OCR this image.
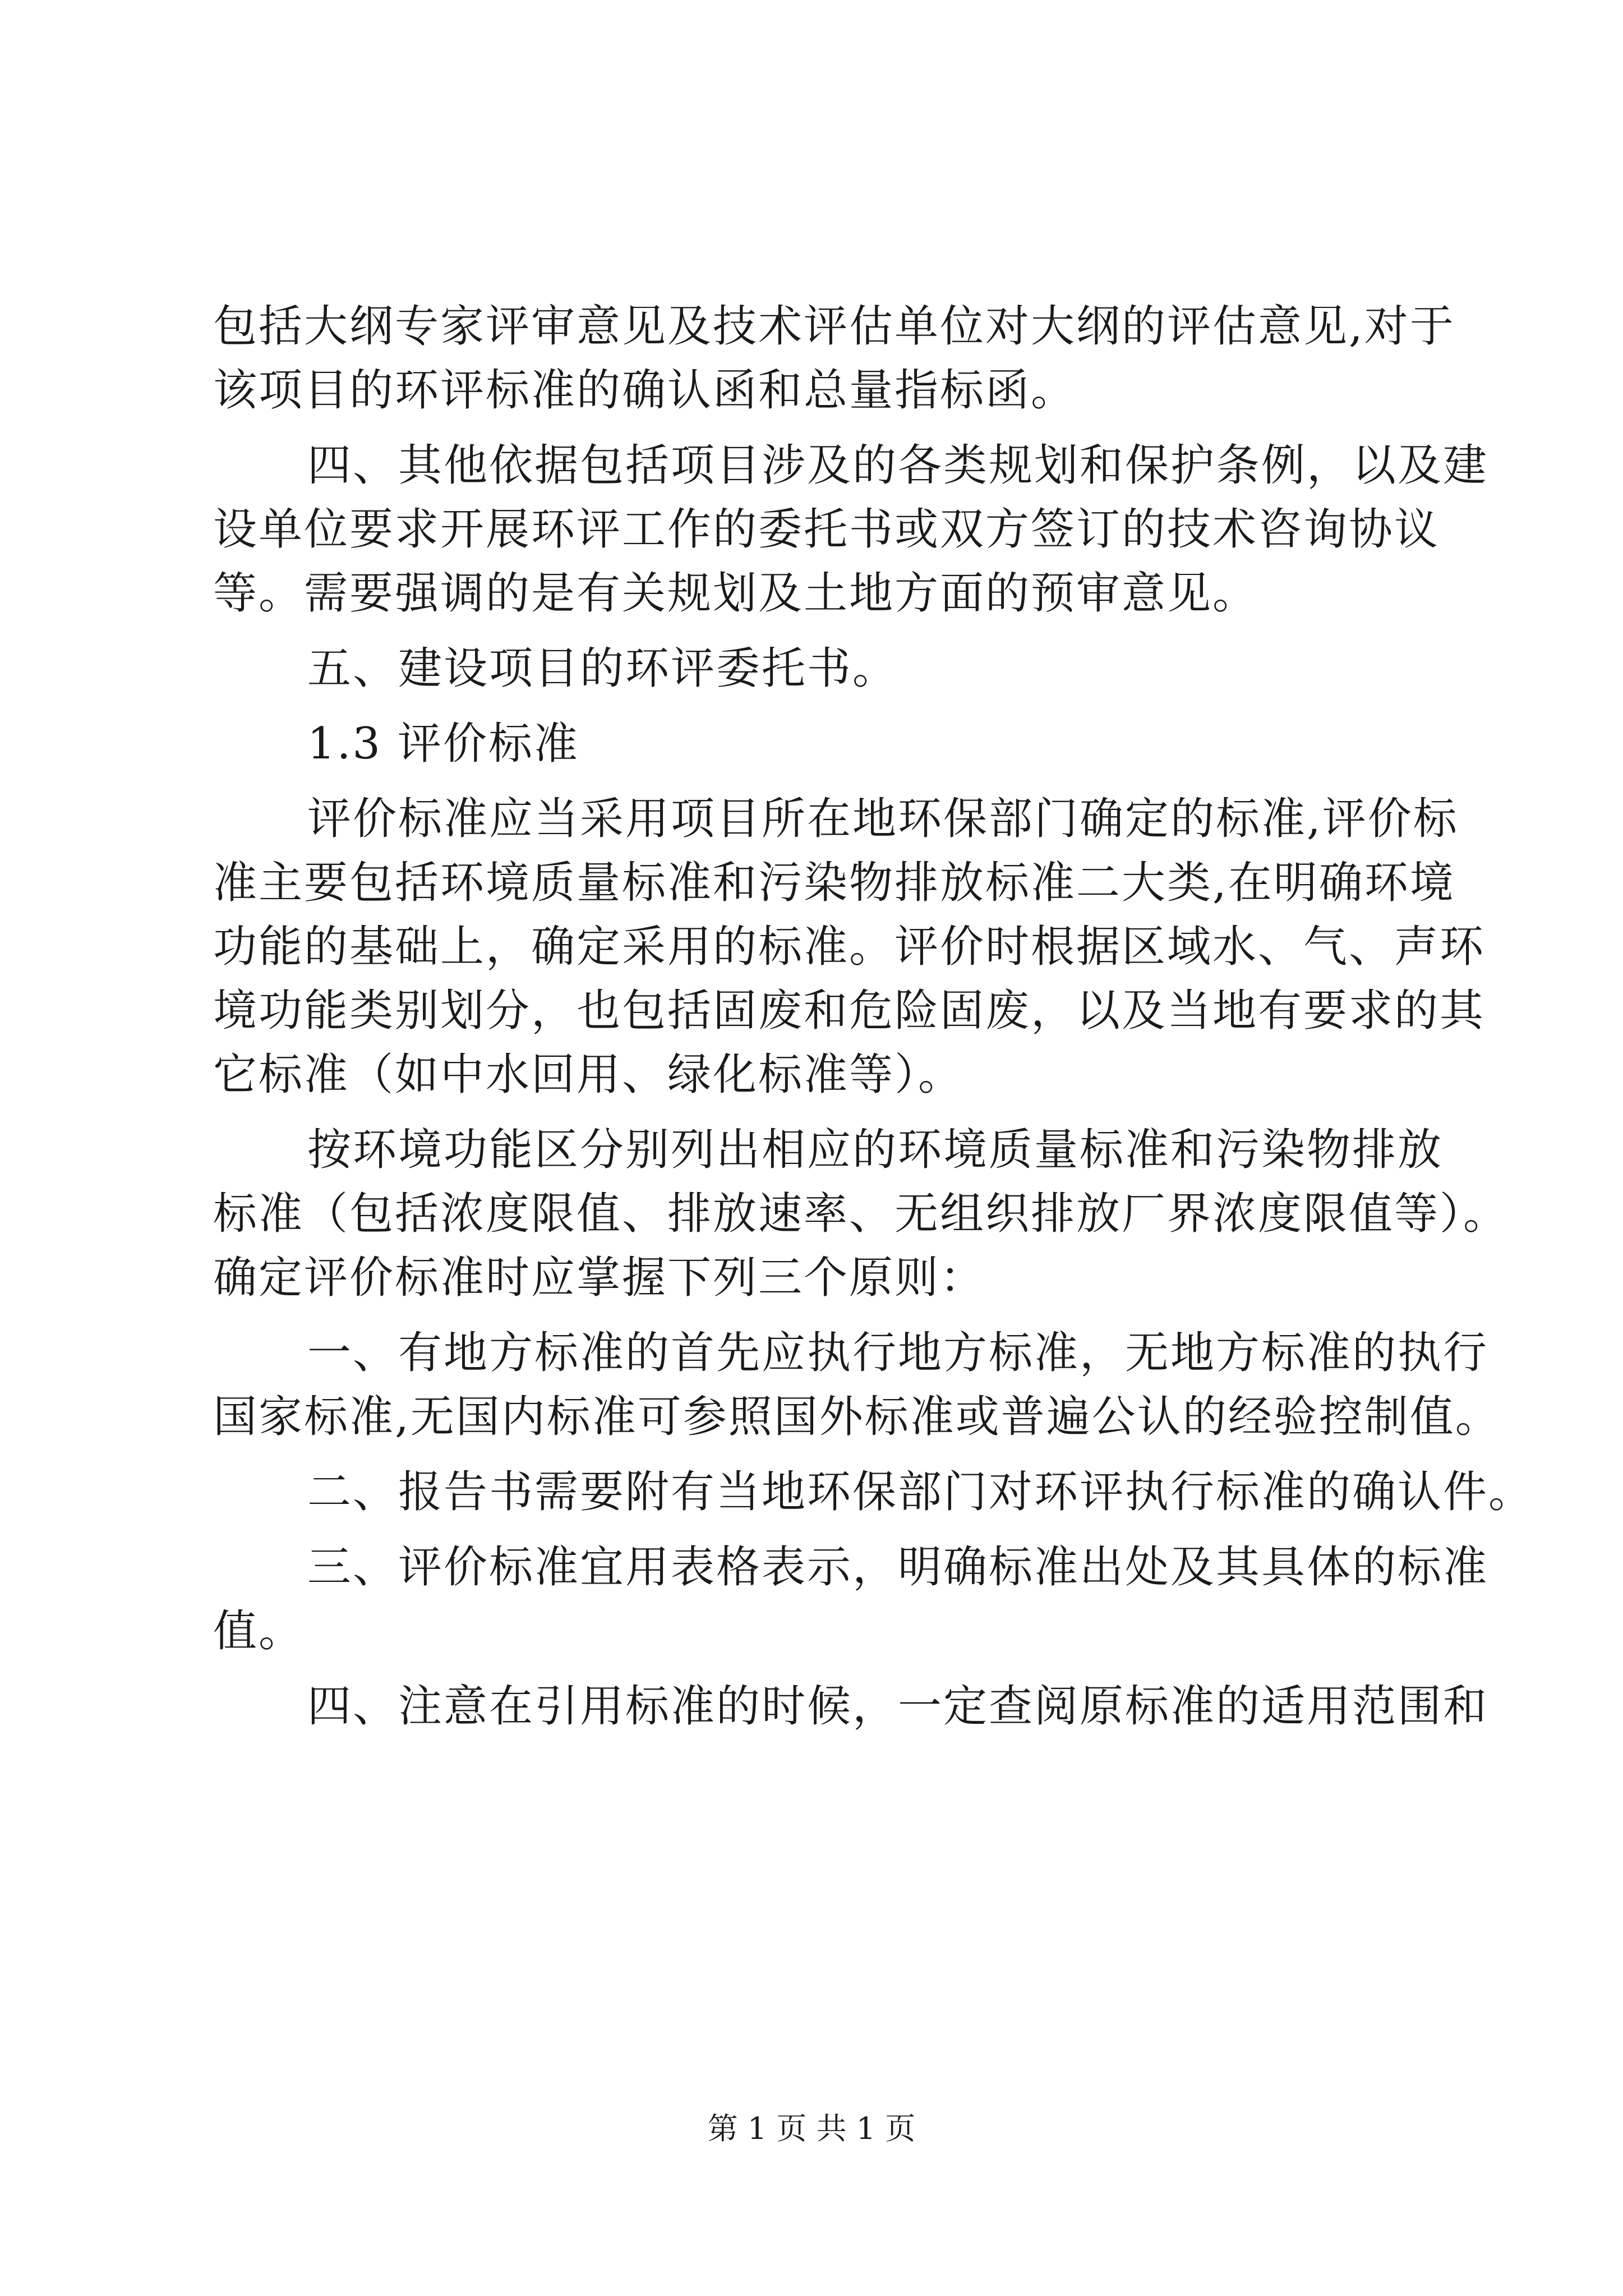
包括大纲专家评审意见及技术评估单位对大纲的评估意见,对于
该项目的环评标准的确认函和总量指标函。
四、其他依据包括项目涉及的各类规划和保护条例，以及建
设单位要求开展环评工作的委托书或双方签订的技术咨询协议
等。需要强调的是有关规划及土地方面的预审意见。
五、建设项目的环评委托书。
1.3 评价标准
评价标准应当采用项目所在地环保部门确定的标准,评价标
准主要包括环境质量标准和污染物排放标准二大类,在明确环境
功能的基础上，确定采用的标准。评价时根据区域水、气、声环
境功能类别划分，也包括固废和危险固废，以及当地有要求的其
它标准（如中水回用、绿化标准等）。
按环境功能区分别列出相应的环境质量标准和污染物排放
标准（包括浓度限值、排放速率、无组织排放厂界浓度限值等）。
确定评价标准时应掌握下列三个原则：
一、有地方标准的首先应执行地方标准，无地方标准的执行
国家标准,无国内标准可参照国外标准或普遍公认的经验控制值。
二、报告书需要附有当地环保部门对环评执行标准的确认件。
三、评价标准宜用表格表示，明确标准出处及其具体的标准
值。
四、注意在引用标准的时候，一定查阅原标准的适用范围和
第 1 页 共 1 页
